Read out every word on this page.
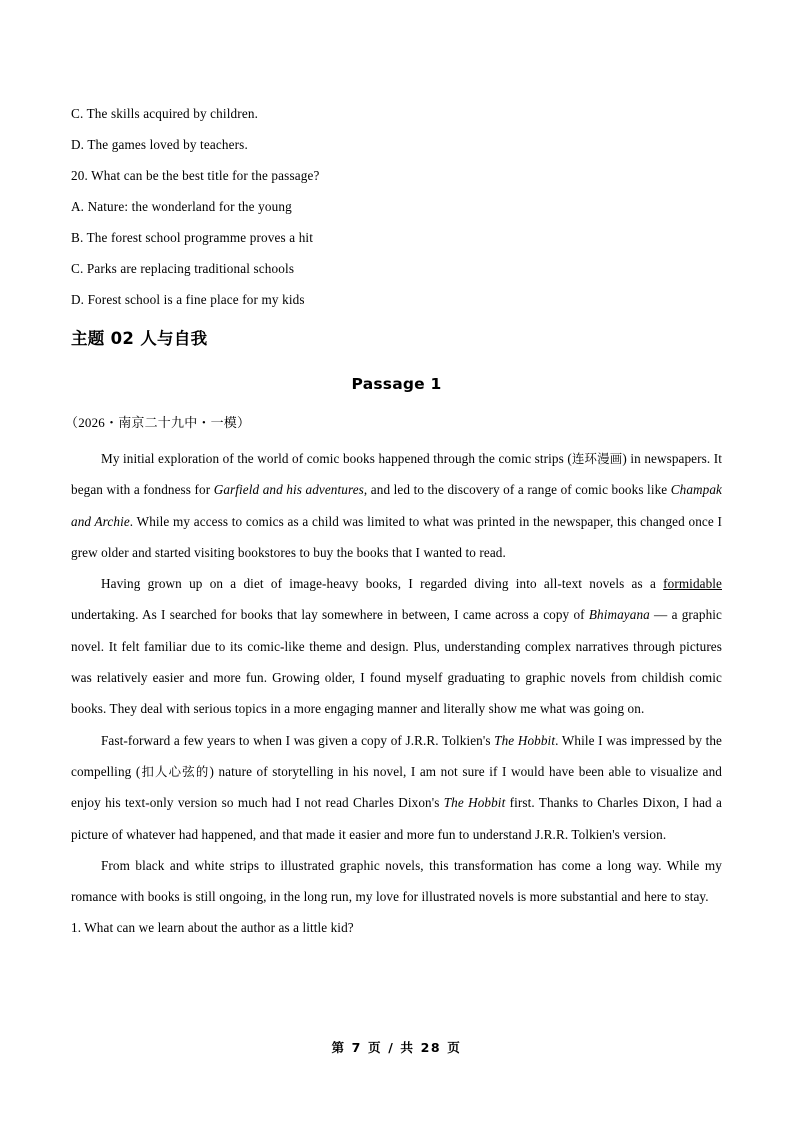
C. The skills acquired by children.

D. The games loved by teachers.

20. What can be the best title for the passage?

A. Nature: the wonderland for the young

B. The forest school programme proves a hit

C. Parks are replacing traditional schools

D. Forest school is a fine place for my kids

主题 02 人与自我
Passage 1

（2026・南京二十九中・一模）

My initial exploration of the world of comic books happened through the comic strips (连环漫画) in newspapers. It began with a fondness for Garfield and his adventures, and led to the discovery of a range of comic books like Champak and Archie. While my access to comics as a child was limited to what was printed in the newspaper, this changed once I grew older and started visiting bookstores to buy the books that I wanted to read.

Having grown up on a diet of image-heavy books, I regarded diving into all-text novels as a formidable undertaking. As I searched for books that lay somewhere in between, I came across a copy of Bhimayana — a graphic novel. It felt familiar due to its comic-like theme and design. Plus, understanding complex narratives through pictures was relatively easier and more fun. Growing older, I found myself graduating to graphic novels from childish comic books. They deal with serious topics in a more engaging manner and literally show me what was going on.

Fast-forward a few years to when I was given a copy of J.R.R. Tolkien's The Hobbit. While I was impressed by the compelling (扣人心弦的) nature of storytelling in his novel, I am not sure if I would have been able to visualize and enjoy his text-only version so much had I not read Charles Dixon's The Hobbit first. Thanks to Charles Dixon, I had a picture of whatever had happened, and that made it easier and more fun to understand J.R.R. Tolkien's version.

From black and white strips to illustrated graphic novels, this transformation has come a long way. While my romance with books is still ongoing, in the long run, my love for illustrated novels is more substantial and here to stay.

1. What can we learn about the author as a little kid?

第 7 页 / 共 28 页
